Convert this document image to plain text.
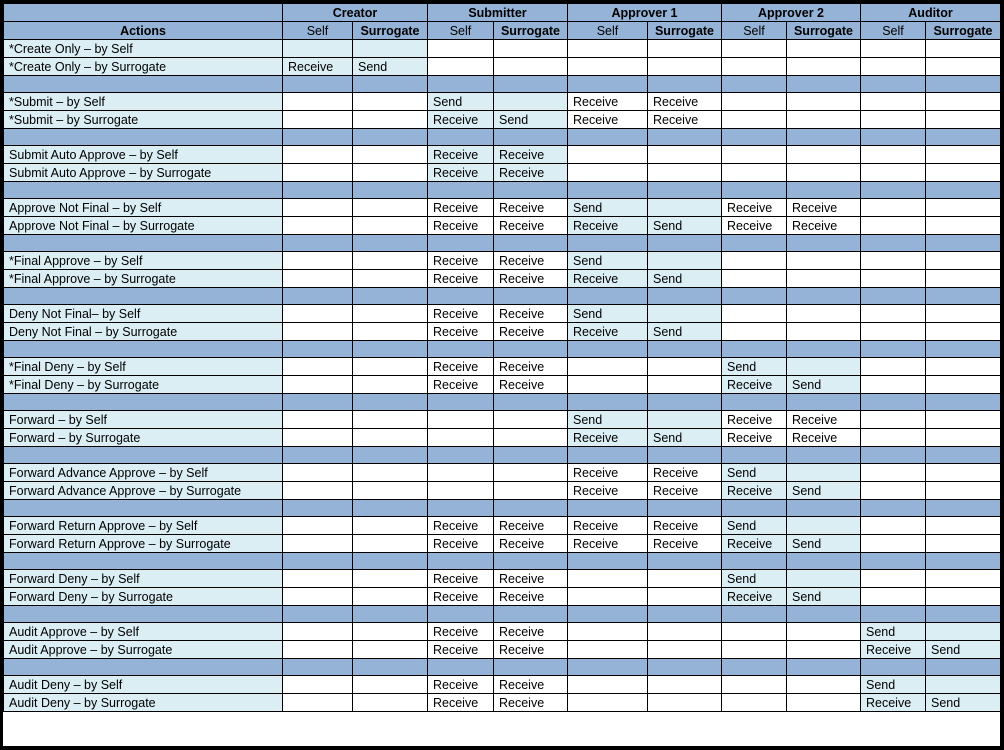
	Creator		Submitter		Approver 1		Approver 2		Auditor	
Actions	Self	Surrogate	Self	Surrogate	Self	Surrogate	Self	Surrogate	Self	Surrogate
*Create Only – by Self										
*Create Only – by Surrogate	Receive	Send								

*Submit – by Self			Send		Receive	Receive				
*Submit – by Surrogate			Receive	Send	Receive	Receive				

Submit Auto Approve – by Self			Receive	Receive						
Submit Auto Approve – by Surrogate			Receive	Receive						

Approve Not Final – by Self			Receive	Receive	Send		Receive	Receive		
Approve Not Final – by Surrogate			Receive	Receive	Receive	Send	Receive	Receive		

*Final Approve – by Self			Receive	Receive	Send					
*Final Approve – by Surrogate			Receive	Receive	Receive	Send				

Deny Not Final– by Self			Receive	Receive	Send					
Deny Not Final – by Surrogate			Receive	Receive	Receive	Send				

*Final Deny – by Self			Receive	Receive			Send			
*Final Deny – by Surrogate			Receive	Receive			Receive	Send		

Forward – by Self					Send		Receive	Receive		
Forward – by Surrogate					Receive	Send	Receive	Receive		

Forward Advance Approve – by Self					Receive	Receive	Send			
Forward Advance Approve – by Surrogate					Receive	Receive	Receive	Send		

Forward Return Approve – by Self			Receive	Receive	Receive	Receive	Send			
Forward Return Approve – by Surrogate			Receive	Receive	Receive	Receive	Receive	Send		

Forward Deny – by Self			Receive	Receive			Send			
Forward Deny – by Surrogate			Receive	Receive			Receive	Send		

Audit Approve – by Self			Receive	Receive					Send	
Audit Approve – by Surrogate			Receive	Receive					Receive	Send

Audit Deny – by Self			Receive	Receive					Send	
Audit Deny – by Surrogate			Receive	Receive					Receive	Send
